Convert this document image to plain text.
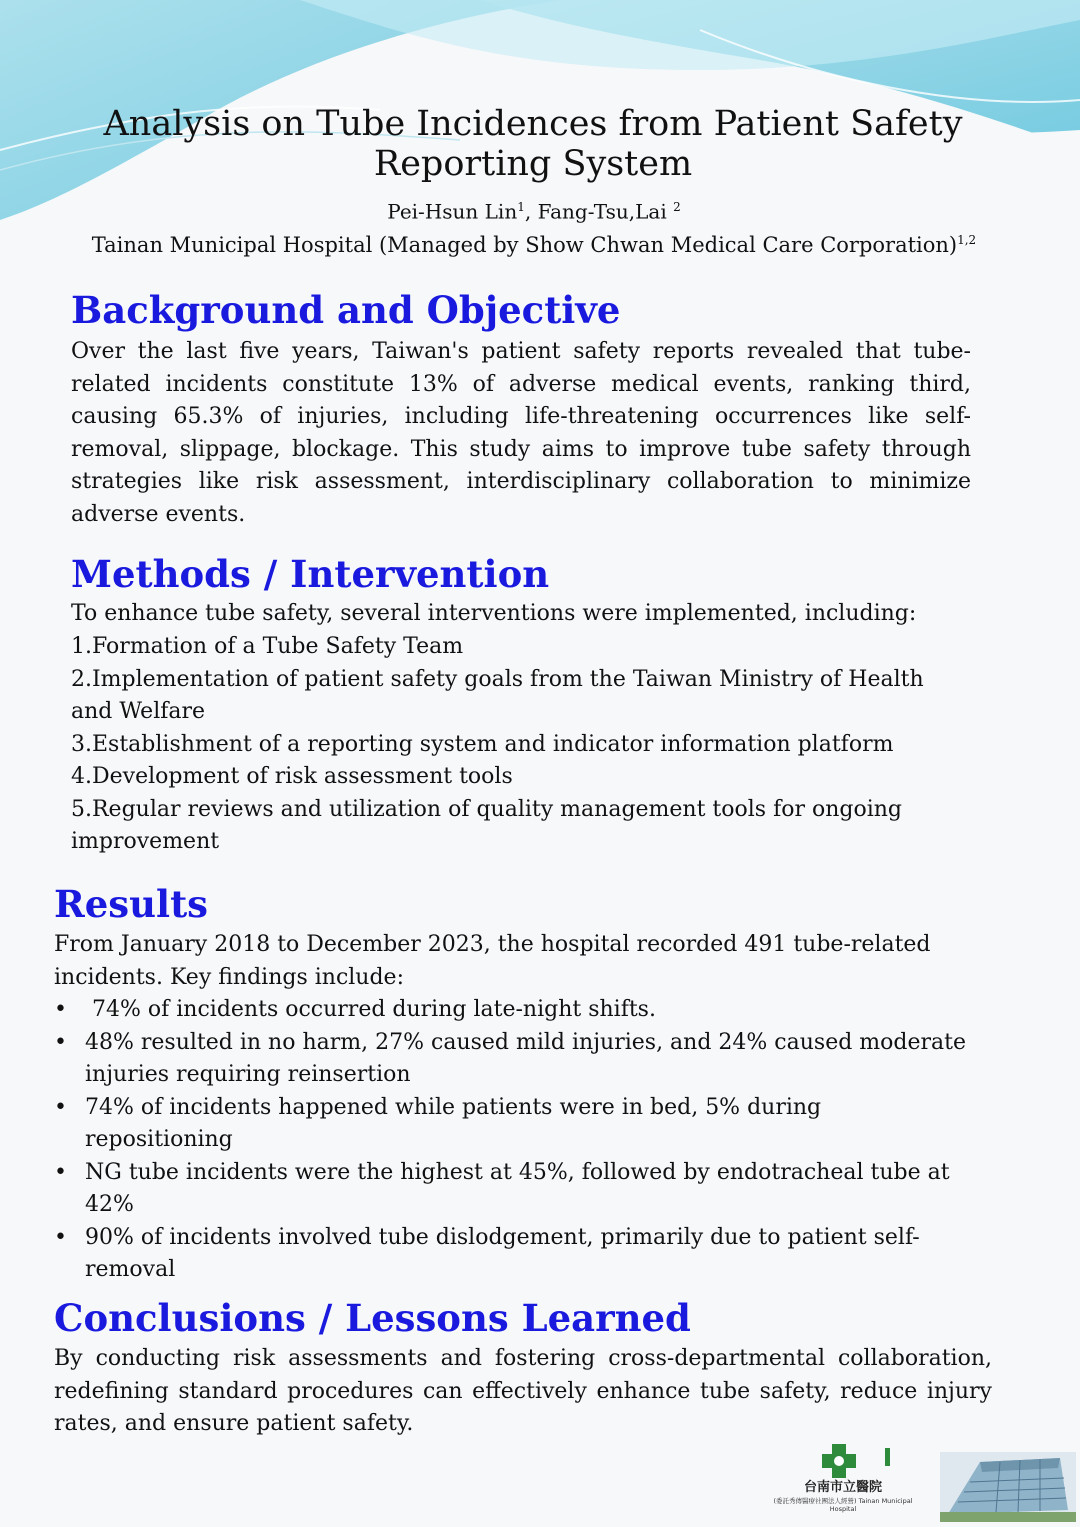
Analysis on Tube Incidences from Patient Safety Reporting System
Pei-Hsun Lin$^1$, Fang-Tsu,Lai $^2$
Tainan Municipal Hospital (Managed by Show Chwan Medical Care Corporation)$^{1,2}$
Background and Objective

Over the last five years, Taiwan's patient safety reports revealed that tube-related incidents constitute 13% of adverse medical events, ranking third, causing 65.3% of injuries, including life-threatening occurrences like self-removal, slippage, blockage. This study aims to improve tube safety through strategies like risk assessment, interdisciplinary collaboration to minimize adverse events.

Methods / Intervention

To enhance tube safety, several interventions were implemented, including:

1.Formation of a Tube Safety Team
2.Implementation of patient safety goals from the Taiwan Ministry of Health and Welfare
3.Establishment of a reporting system and indicator information platform
4.Development of risk assessment tools
5.Regular reviews and utilization of quality management tools for ongoing improvement
Results

From January 2018 to December 2023, the hospital recorded 491 tube-related incidents. Key findings include:

• 74% of incidents occurred during late-night shifts.
• 48% resulted in no harm, 27% caused mild injuries, and 24% caused moderate injuries requiring reinsertion
• 74% of incidents happened while patients were in bed, 5% during repositioning
• NG tube incidents were the highest at 45%, followed by endotracheal tube at 42%
• 90% of incidents involved tube dislodgement, primarily due to patient self-removal
Conclusions / Lessons Learned

By conducting risk assessments and fostering cross-departmental collaboration, redefining standard procedures can effectively enhance tube safety, reduce injury rates, and ensure patient safety.

台南市立醫院
(委託秀傳醫療社團法人經營) Tainan Municipal Hospital
